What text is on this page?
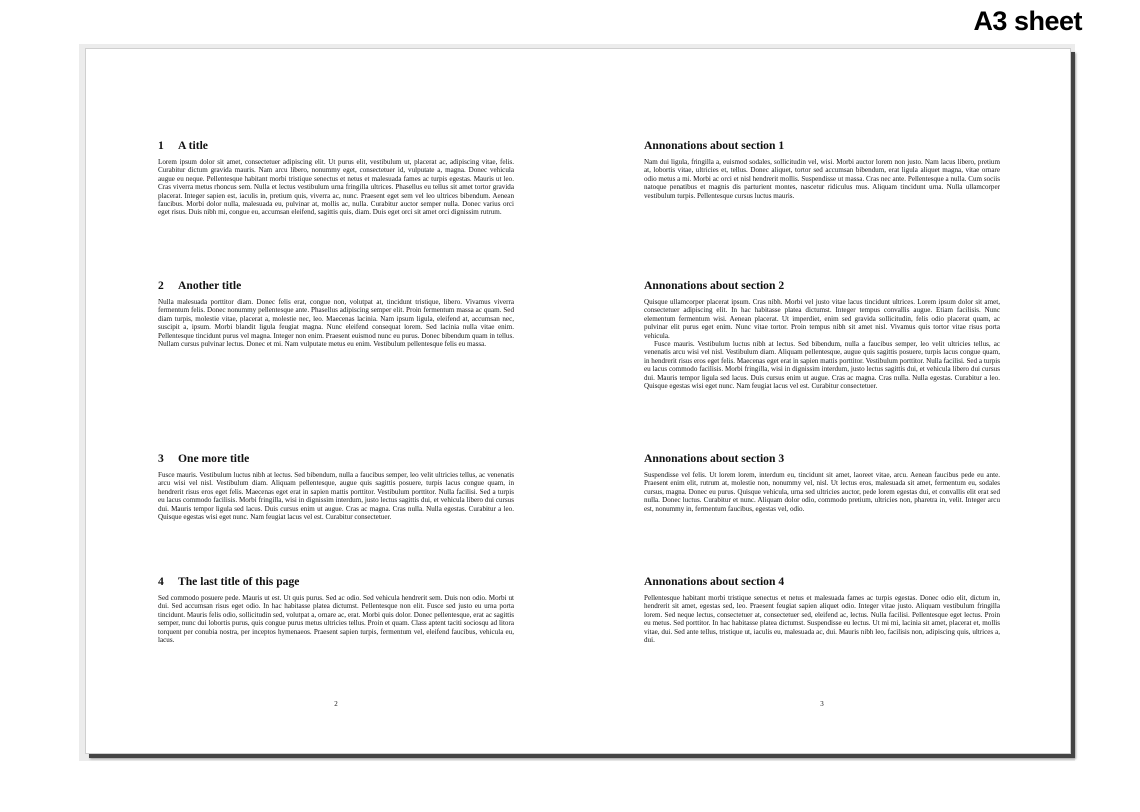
A3 sheet
1 A title

Lorem ipsum dolor sit amet, consectetuer adipiscing elit. Ut purus elit, vestibulum ut, placerat ac, adipiscing vitae, felis. Curabitur dictum gravida mauris. Nam arcu libero, nonummy eget, consectetuer id, vulputate a, magna. Donec vehicula augue eu neque. Pellentesque habitant morbi tristique senectus et netus et malesuada fames ac turpis egestas. Mauris ut leo. Cras viverra metus rhoncus sem. Nulla et lectus vestibulum urna fringilla ultrices. Phasellus eu tellus sit amet tortor gravida placerat. Integer sapien est, iaculis in, pretium quis, viverra ac, nunc. Praesent eget sem vel leo ultrices bibendum. Aenean faucibus. Morbi dolor nulla, malesuada eu, pulvinar at, mollis ac, nulla. Curabitur auctor semper nulla. Donec varius orci eget risus. Duis nibh mi, congue eu, accumsan eleifend, sagittis quis, diam. Duis eget orci sit amet orci dignissim rutrum.

2 Another title

Nulla malesuada porttitor diam. Donec felis erat, congue non, volutpat at, tincidunt tristique, libero. Vivamus viverra fermentum felis. Donec nonummy pellentesque ante. Phasellus adipiscing semper elit. Proin fermentum massa ac quam. Sed diam turpis, molestie vitae, placerat a, molestie nec, leo. Maecenas lacinia. Nam ipsum ligula, eleifend at, accumsan nec, suscipit a, ipsum. Morbi blandit ligula feugiat magna. Nunc eleifend consequat lorem. Sed lacinia nulla vitae enim. Pellentesque tincidunt purus vel magna. Integer non enim. Praesent euismod nunc eu purus. Donec bibendum quam in tellus. Nullam cursus pulvinar lectus. Donec et mi. Nam vulputate metus eu enim. Vestibulum pellentesque felis eu massa.

3 One more title

Fusce mauris. Vestibulum luctus nibh at lectus. Sed bibendum, nulla a faucibus semper, leo velit ultricies tellus, ac venenatis arcu wisi vel nisl. Vestibulum diam. Aliquam pellentesque, augue quis sagittis posuere, turpis lacus congue quam, in hendrerit risus eros eget felis. Maecenas eget erat in sapien mattis porttitor. Vestibulum porttitor. Nulla facilisi. Sed a turpis eu lacus commodo facilisis. Morbi fringilla, wisi in dignissim interdum, justo lectus sagittis dui, et vehicula libero dui cursus dui. Mauris tempor ligula sed lacus. Duis cursus enim ut augue. Cras ac magna. Cras nulla. Nulla egestas. Curabitur a leo. Quisque egestas wisi eget nunc. Nam feugiat lacus vel est. Curabitur consectetuer.

4 The last title of this page

Sed commodo posuere pede. Mauris ut est. Ut quis purus. Sed ac odio. Sed vehicula hendrerit sem. Duis non odio. Morbi ut dui. Sed accumsan risus eget odio. In hac habitasse platea dictumst. Pellentesque non elit. Fusce sed justo eu urna porta tincidunt. Mauris felis odio, sollicitudin sed, volutpat a, ornare ac, erat. Morbi quis dolor. Donec pellentesque, erat ac sagittis semper, nunc dui lobortis purus, quis congue purus metus ultricies tellus. Proin et quam. Class aptent taciti sociosqu ad litora torquent per conubia nostra, per inceptos hymenaeos. Praesent sapien turpis, fermentum vel, eleifend faucibus, vehicula eu, lacus.

2
Annonations about section 1

Nam dui ligula, fringilla a, euismod sodales, sollicitudin vel, wisi. Morbi auctor lorem non justo. Nam lacus libero, pretium at, lobortis vitae, ultricies et, tellus. Donec aliquet, tortor sed accumsan bibendum, erat ligula aliquet magna, vitae ornare odio metus a mi. Morbi ac orci et nisl hendrerit mollis. Suspendisse ut massa. Cras nec ante. Pellentesque a nulla. Cum sociis natoque penatibus et magnis dis parturient montes, nascetur ridiculus mus. Aliquam tincidunt urna. Nulla ullamcorper vestibulum turpis. Pellentesque cursus luctus mauris.

Annonations about section 2

Quisque ullamcorper placerat ipsum. Cras nibh. Morbi vel justo vitae lacus tincidunt ultrices. Lorem ipsum dolor sit amet, consectetuer adipiscing elit. In hac habitasse platea dictumst. Integer tempus convallis augue. Etiam facilisis. Nunc elementum fermentum wisi. Aenean placerat. Ut imperdiet, enim sed gravida sollicitudin, felis odio placerat quam, ac pulvinar elit purus eget enim. Nunc vitae tortor. Proin tempus nibh sit amet nisl. Vivamus quis tortor vitae risus porta vehicula.

Fusce mauris. Vestibulum luctus nibh at lectus. Sed bibendum, nulla a faucibus semper, leo velit ultricies tellus, ac venenatis arcu wisi vel nisl. Vestibulum diam. Aliquam pellentesque, augue quis sagittis posuere, turpis lacus congue quam, in hendrerit risus eros eget felis. Maecenas eget erat in sapien mattis porttitor. Vestibulum porttitor. Nulla facilisi. Sed a turpis eu lacus commodo facilisis. Morbi fringilla, wisi in dignissim interdum, justo lectus sagittis dui, et vehicula libero dui cursus dui. Mauris tempor ligula sed lacus. Duis cursus enim ut augue. Cras ac magna. Cras nulla. Nulla egestas. Curabitur a leo. Quisque egestas wisi eget nunc. Nam feugiat lacus vel est. Curabitur consectetuer.

Annonations about section 3

Suspendisse vel felis. Ut lorem lorem, interdum eu, tincidunt sit amet, laoreet vitae, arcu. Aenean faucibus pede eu ante. Praesent enim elit, rutrum at, molestie non, nonummy vel, nisl. Ut lectus eros, malesuada sit amet, fermentum eu, sodales cursus, magna. Donec eu purus. Quisque vehicula, urna sed ultricies auctor, pede lorem egestas dui, et convallis elit erat sed nulla. Donec luctus. Curabitur et nunc. Aliquam dolor odio, commodo pretium, ultricies non, pharetra in, velit. Integer arcu est, nonummy in, fermentum faucibus, egestas vel, odio.

Annonations about section 4

Pellentesque habitant morbi tristique senectus et netus et malesuada fames ac turpis egestas. Donec odio elit, dictum in, hendrerit sit amet, egestas sed, leo. Praesent feugiat sapien aliquet odio. Integer vitae justo. Aliquam vestibulum fringilla lorem. Sed neque lectus, consectetuer at, consectetuer sed, eleifend ac, lectus. Nulla facilisi. Pellentesque eget lectus. Proin eu metus. Sed porttitor. In hac habitasse platea dictumst. Suspendisse eu lectus. Ut mi mi, lacinia sit amet, placerat et, mollis vitae, dui. Sed ante tellus, tristique ut, iaculis eu, malesuada ac, dui. Mauris nibh leo, facilisis non, adipiscing quis, ultrices a, dui.

3
